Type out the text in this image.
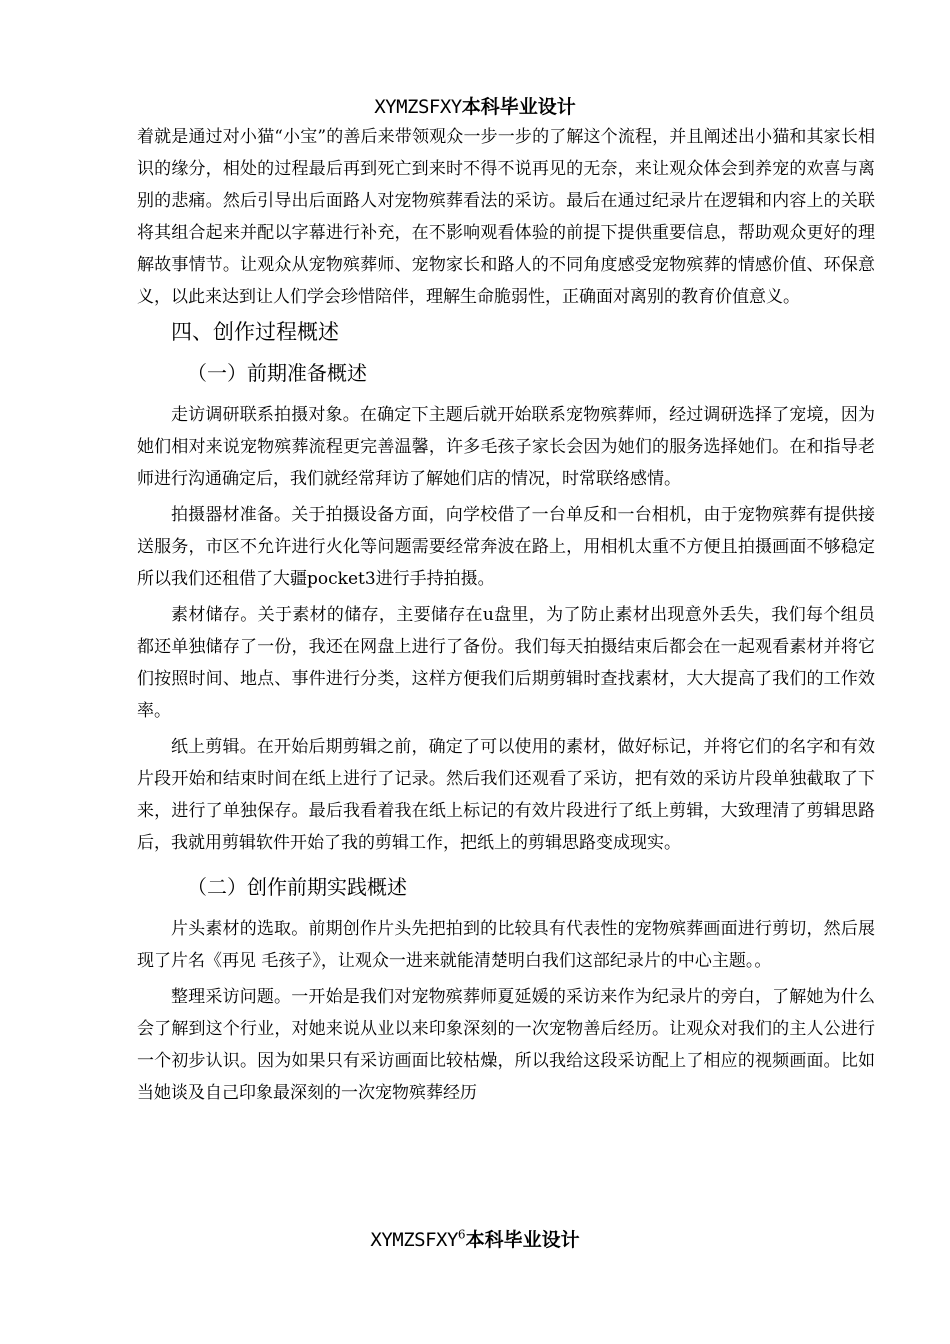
XYMZSFXY本科毕业设计

着就是通过对小猫“小宝”的善后来带领观众一步一步的了解这个流程，并且阐述出小猫和其家长相识的缘分，相处的过程最后再到死亡到来时不得不说再见的无奈，来让观众体会到养宠的欢喜与离别的悲痛。然后引导出后面路人对宠物殡葬看法的采访。最后在通过纪录片在逻辑和内容上的关联将其组合起来并配以字幕进行补充，在不影响观看体验的前提下提供重要信息，帮助观众更好的理解故事情节。让观众从宠物殡葬师、宠物家长和路人的不同角度感受宠物殡葬的情感价值、环保意义，以此来达到让人们学会珍惜陪伴，理解生命脆弱性，正确面对离别的教育价值意义。

四、创作过程概述
（一）前期准备概述

走访调研联系拍摄对象。在确定下主题后就开始联系宠物殡葬师，经过调研选择了宠境，因为她们相对来说宠物殡葬流程更完善温馨，许多毛孩子家长会因为她们的服务选择她们。在和指导老师进行沟通确定后，我们就经常拜访了解她们店的情况，时常联络感情。

拍摄器材准备。关于拍摄设备方面，向学校借了一台单反和一台相机，由于宠物殡葬有提供接送服务，市区不允许进行火化等问题需要经常奔波在路上，用相机太重不方便且拍摄画面不够稳定所以我们还租借了大疆pocket3进行手持拍摄。

素材储存。关于素材的储存，主要储存在u盘里，为了防止素材出现意外丢失，我们每个组员都还单独储存了一份，我还在网盘上进行了备份。我们每天拍摄结束后都会在一起观看素材并将它们按照时间、地点、事件进行分类，这样方便我们后期剪辑时查找素材，大大提高了我们的工作效率。

纸上剪辑。在开始后期剪辑之前，确定了可以使用的素材，做好标记，并将它们的名字和有效片段开始和结束时间在纸上进行了记录。然后我们还观看了采访，把有效的采访片段单独截取了下来，进行了单独保存。最后我看着我在纸上标记的有效片段进行了纸上剪辑，大致理清了剪辑思路后，我就用剪辑软件开始了我的剪辑工作，把纸上的剪辑思路变成现实。

（二）创作前期实践概述

片头素材的选取。前期创作片头先把拍到的比较具有代表性的宠物殡葬画面进行剪切，然后展现了片名《再见 毛孩子》，让观众一进来就能清楚明白我们这部纪录片的中心主题。。

整理采访问题。一开始是我们对宠物殡葬师夏延媛的采访来作为纪录片的旁白，了解她为什么会了解到这个行业，对她来说从业以来印象深刻的一次宠物善后经历。让观众对我们的主人公进行一个初步认识。因为如果只有采访画面比较枯燥，所以我给这段采访配上了相应的视频画面。比如当她谈及自己印象最深刻的一次宠物殡葬经历

XYMZSFXY$^6$本科毕业设计
